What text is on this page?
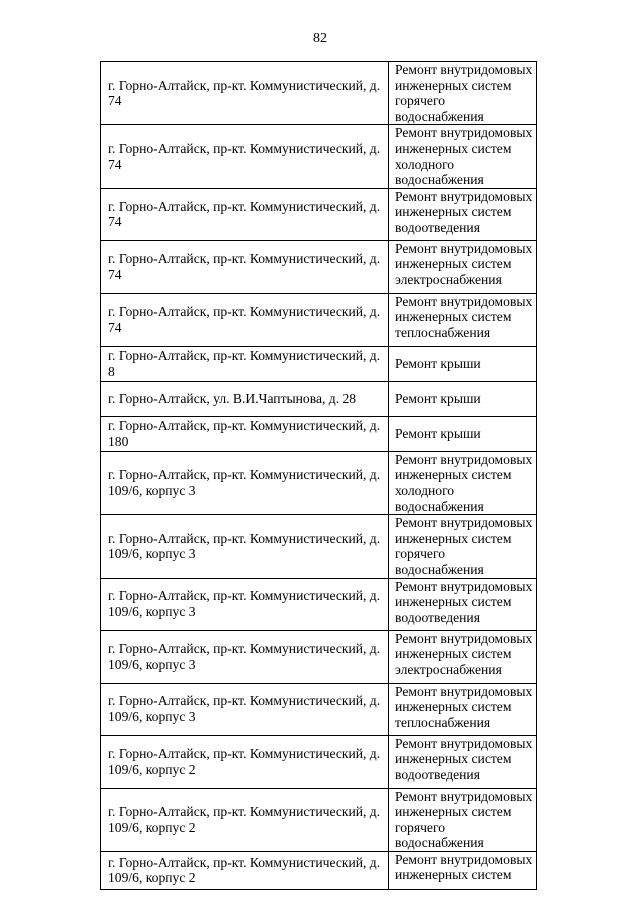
82
г. Горно-Алтайск, пр-кт. Коммунистический, д. 74	Ремонт внутридомовых инженерных систем горячего водоснабжения
г. Горно-Алтайск, пр-кт. Коммунистический, д. 74	Ремонт внутридомовых инженерных систем холодного водоснабжения
г. Горно-Алтайск, пр-кт. Коммунистический, д. 74	Ремонт внутридомовых инженерных систем водоотведения
г. Горно-Алтайск, пр-кт. Коммунистический, д. 74	Ремонт внутридомовых инженерных систем электроснабжения
г. Горно-Алтайск, пр-кт. Коммунистический, д. 74	Ремонт внутридомовых инженерных систем теплоснабжения
г. Горно-Алтайск, пр-кт. Коммунистический, д. 8	Ремонт крыши
г. Горно-Алтайск, ул. В.И.Чаптынова, д. 28	Ремонт крыши
г. Горно-Алтайск, пр-кт. Коммунистический, д. 180	Ремонт крыши
г. Горно-Алтайск, пр-кт. Коммунистический, д. 109/6, корпус 3	Ремонт внутридомовых инженерных систем холодного водоснабжения
г. Горно-Алтайск, пр-кт. Коммунистический, д. 109/6, корпус 3	Ремонт внутридомовых инженерных систем горячего водоснабжения
г. Горно-Алтайск, пр-кт. Коммунистический, д. 109/6, корпус 3	Ремонт внутридомовых инженерных систем водоотведения
г. Горно-Алтайск, пр-кт. Коммунистический, д. 109/6, корпус 3	Ремонт внутридомовых инженерных систем электроснабжения
г. Горно-Алтайск, пр-кт. Коммунистический, д. 109/6, корпус 3	Ремонт внутридомовых инженерных систем теплоснабжения
г. Горно-Алтайск, пр-кт. Коммунистический, д. 109/6, корпус 2	Ремонт внутридомовых инженерных систем водоотведения
г. Горно-Алтайск, пр-кт. Коммунистический, д. 109/6, корпус 2	Ремонт внутридомовых инженерных систем горячего водоснабжения
г. Горно-Алтайск, пр-кт. Коммунистический, д. 109/6, корпус 2	Ремонт внутридомовых инженерных систем
